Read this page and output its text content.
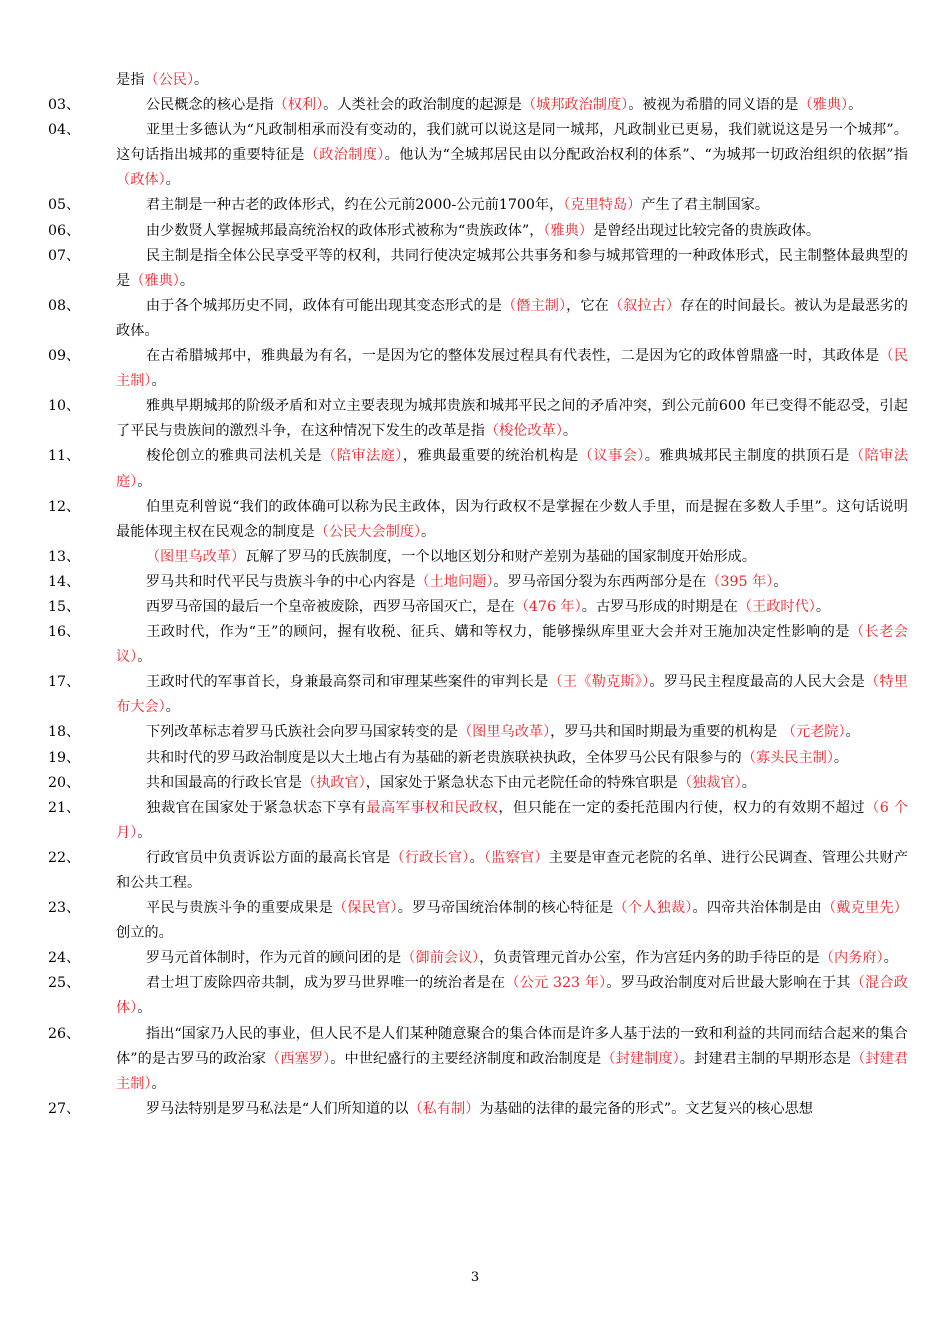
是指（公民）。
03、	公民概念的核心是指（权利）。人类社会的政治制度的起源是（城邦政治制度）。被视为希腊的同义语的是（雅典）。
04、	亚里士多德认为“凡政制相承而没有变动的，我们就可以说这是同一城邦，凡政制业已更易，我们就说这是另一个城邦”。这句话指出城邦的重要特征是（政治制度）。他认为“全城邦居民由以分配政治权利的体系”、“为城邦一切政治组织的依据”指（政体）。
05、	君主制是一种古老的政体形式，约在公元前2000-公元前1700年，（克里特岛）产生了君主制国家。
06、	由少数贤人掌握城邦最高统治权的政体形式被称为“贵族政体”，（雅典）是曾经出现过比较完备的贵族政体。
07、	民主制是指全体公民享受平等的权利，共同行使决定城邦公共事务和参与城邦管理的一种政体形式，民主制整体最典型的是（雅典）。
08、	由于各个城邦历史不同，政体有可能出现其变态形式的是（僭主制），它在（叙拉古）存在的时间最长。被认为是最恶劣的政体。
09、	在古希腊城邦中，雅典最为有名，一是因为它的整体发展过程具有代表性，二是因为它的政体曾鼎盛一时，其政体是（民主制）。
10、	雅典早期城邦的阶级矛盾和对立主要表现为城邦贵族和城邦平民之间的矛盾冲突，到公元前600 年已变得不能忍受，引起了平民与贵族间的激烈斗争，在这种情况下发生的改革是指（梭伦改革）。
11、	梭伦创立的雅典司法机关是（陪审法庭），雅典最重要的统治机构是（议事会）。雅典城邦民主制度的拱顶石是（陪审法庭）。
12、	伯里克利曾说“我们的政体确可以称为民主政体，因为行政权不是掌握在少数人手里，而是握在多数人手里”。这句话说明最能体现主权在民观念的制度是（公民大会制度）。
13、	（图里乌改革）瓦解了罗马的氏族制度，一个以地区划分和财产差别为基础的国家制度开始形成。
14、	罗马共和时代平民与贵族斗争的中心内容是（土地问题）。罗马帝国分裂为东西两部分是在（395 年）。
15、	西罗马帝国的最后一个皇帝被废除，西罗马帝国灭亡，是在（476 年）。古罗马形成的时期是在（王政时代）。
16、	王政时代，作为“王”的顾问，握有收税、征兵、媾和等权力，能够操纵库里亚大会并对王施加决定性影响的是（长老会议）。
17、	王政时代的军事首长，身兼最高祭司和审理某些案件的审判长是（王《勒克斯》）。罗马民主程度最高的人民大会是（特里布大会）。
18、	下列改革标志着罗马氏族社会向罗马国家转变的是（图里乌改革），罗马共和国时期最为重要的机构是 （元老院）。
19、	共和时代的罗马政治制度是以大土地占有为基础的新老贵族联袂执政，全体罗马公民有限参与的（寡头民主制）。
20、	共和国最高的行政长官是（执政官），国家处于紧急状态下由元老院任命的特殊官职是（独裁官）。
21、	独裁官在国家处于紧急状态下享有最高军事权和民政权，但只能在一定的委托范围内行使，权力的有效期不超过（6 个月）。
22、	行政官员中负责诉讼方面的最高长官是（行政长官）。（监察官）主要是审查元老院的名单、进行公民调查、管理公共财产和公共工程。
23、	平民与贵族斗争的重要成果是（保民官）。罗马帝国统治体制的核心特征是（个人独裁）。四帝共治体制是由（戴克里先）创立的。
24、	罗马元首体制时，作为元首的顾问团的是（御前会议），负责管理元首办公室，作为宫廷内务的助手待臣的是（内务府）。
25、	君士坦丁废除四帝共制，成为罗马世界唯一的统治者是在（公元 323 年）。罗马政治制度对后世最大影响在于其（混合政体）。
26、	指出“国家乃人民的事业，但人民不是人们某种随意聚合的集合体而是许多人基于法的一致和利益的共同而结合起来的集合体”的是古罗马的政治家（西塞罗）。中世纪盛行的主要经济制度和政治制度是（封建制度）。封建君主制的早期形态是（封建君主制）。
27、	罗马法特别是罗马私法是“人们所知道的以（私有制）为基础的法律的最完备的形式”。文艺复兴的核心思想
3
